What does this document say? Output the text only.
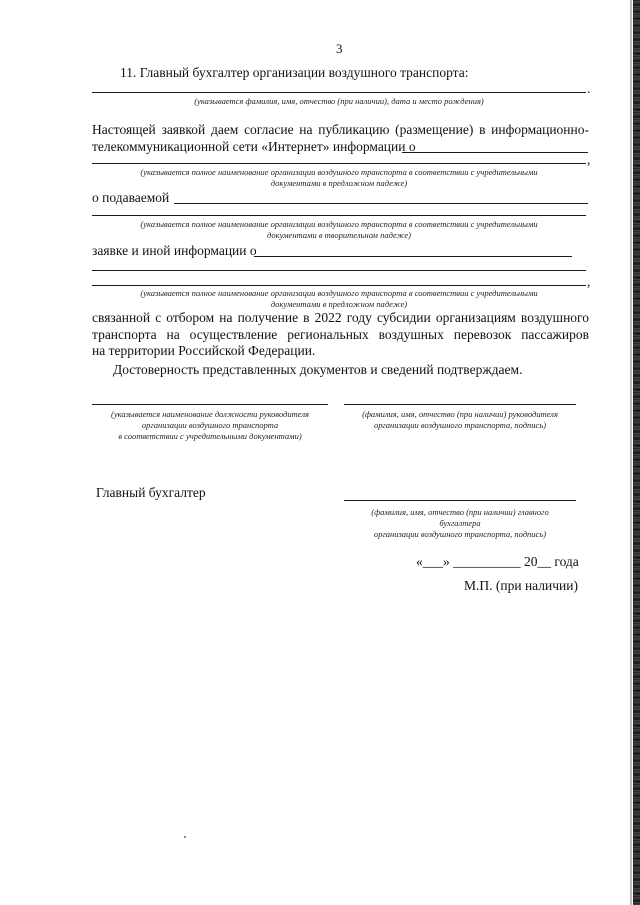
3
11. Главный бухгалтер организации воздушного транспорта:
.
(указывается фамилия, имя, отчество (при наличии), дата и место рождения)
Настоящей заявкой даем согласие на публикацию (размещение) в информационно-
телекоммуникационной сети «Интернет» информации о
,
(указывается полное наименование организации воздушного транспорта в соответствии с учредительными
документами в предложном падеже)
о подаваемой
(указывается полное наименование организации воздушного транспорта в соответствии с учредительными
документами в творительном падеже)
заявке и иной информации о
,
(указывается полное наименование организации воздушного транспорта в соответствии с учредительными
документами в предложном падеже)
связанной с отбором на получение в 2022 году субсидии организациям воздушного
транспорта на осуществление региональных воздушных перевозок пассажиров
на территории Российской Федерации.
Достоверность представленных документов и сведений подтверждаем.
(указывается наименование должности руководителя
организации воздушного транспорта
в соответствии с учредительными документами)
(фамилия, имя, отчество (при наличии) руководителя
организации воздушного транспорта, подпись)
Главный бухгалтер
(фамилия, имя, отчество (при наличии) главного
бухгалтера
организации воздушного транспорта, подпись)
«___» __________ 20__ года
М.П. (при наличии)
